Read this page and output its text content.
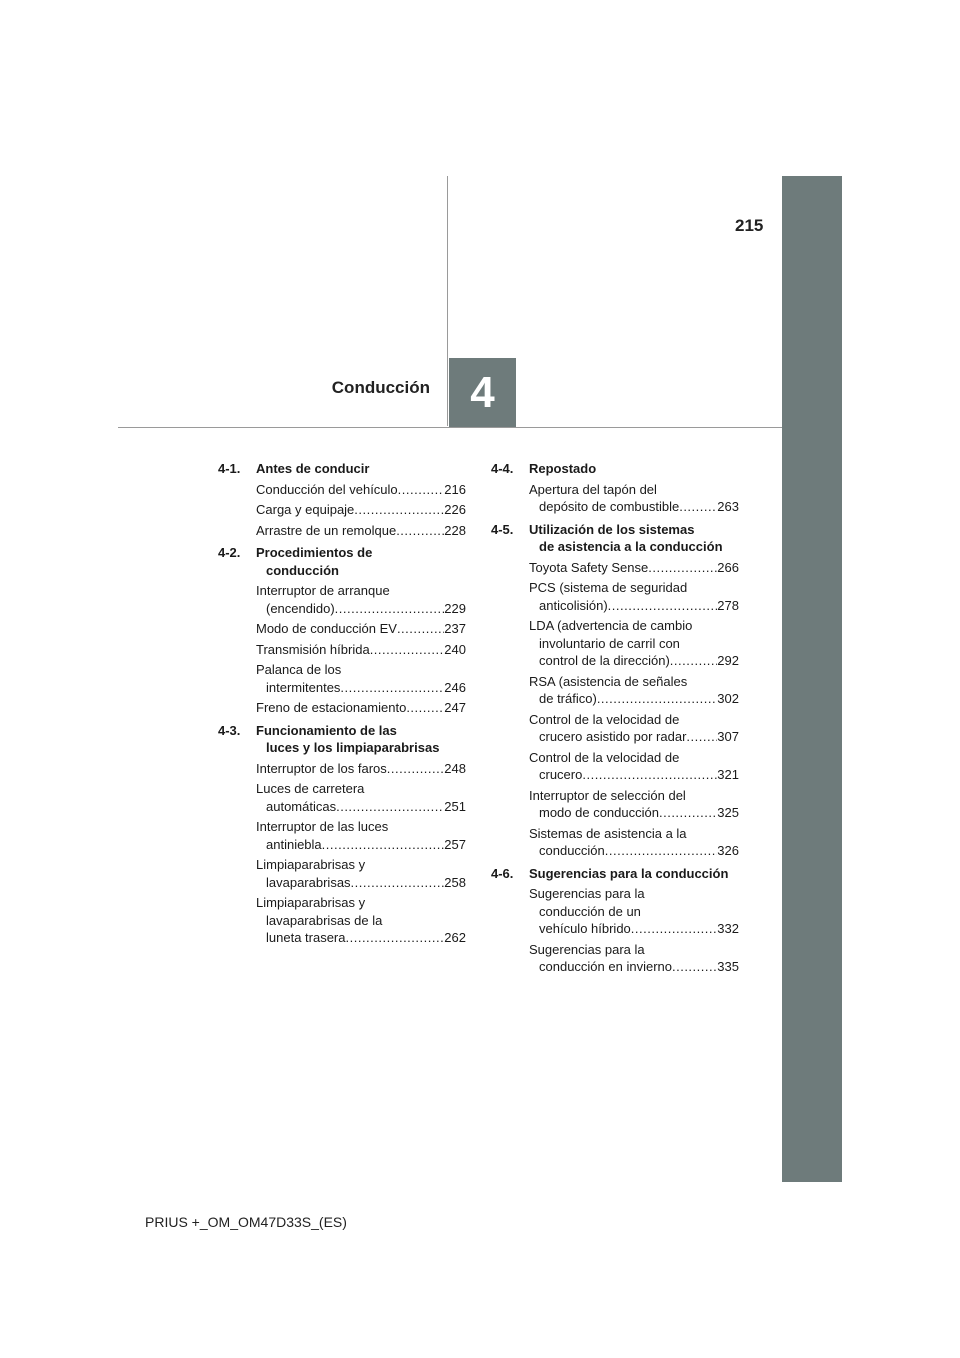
215
4
Conducción
4-1.	Antes de conducir
Conducción del vehículo .....	216
Carga y equipaje .....	226
Arrastre de un remolque .....	228
4-2.	Procedimientos de
conducción
Interruptor de arranque
(encendido) .....	229
Modo de conducción EV .....	237
Transmisión híbrida .....	240
Palanca de los
intermitentes .....	246
Freno de estacionamiento .....	247
4-3.	Funcionamiento de las
luces y los limpiaparabrisas
Interruptor de los faros .....	248
Luces de carretera
automáticas .....	251
Interruptor de las luces
antiniebla .....	257
Limpiaparabrisas y
lavaparabrisas .....	258
Limpiaparabrisas y
lavaparabrisas de la
luneta trasera .....	262
4-4.	Repostado
Apertura del tapón del
depósito de combustible .....	263
4-5.	Utilización de los sistemas
de asistencia a la conducción
Toyota Safety Sense .....	266
PCS (sistema de seguridad
anticolisión) .....	278
LDA (advertencia de cambio
involuntario de carril con
control de la dirección) .....	292
RSA (asistencia de señales
de tráfico) .....	302
Control de la velocidad de
crucero asistido por radar ..... 307
Control de la velocidad de
crucero .....	321
Interruptor de selección del
modo de conducción .....	325
Sistemas de asistencia a la
conducción .....	326
4-6.	Sugerencias para la conducción
Sugerencias para la
conducción de un
vehículo híbrido .....	332
Sugerencias para la
conducción en invierno .....	335
PRIUS +_OM_OM47D33S_(ES)
